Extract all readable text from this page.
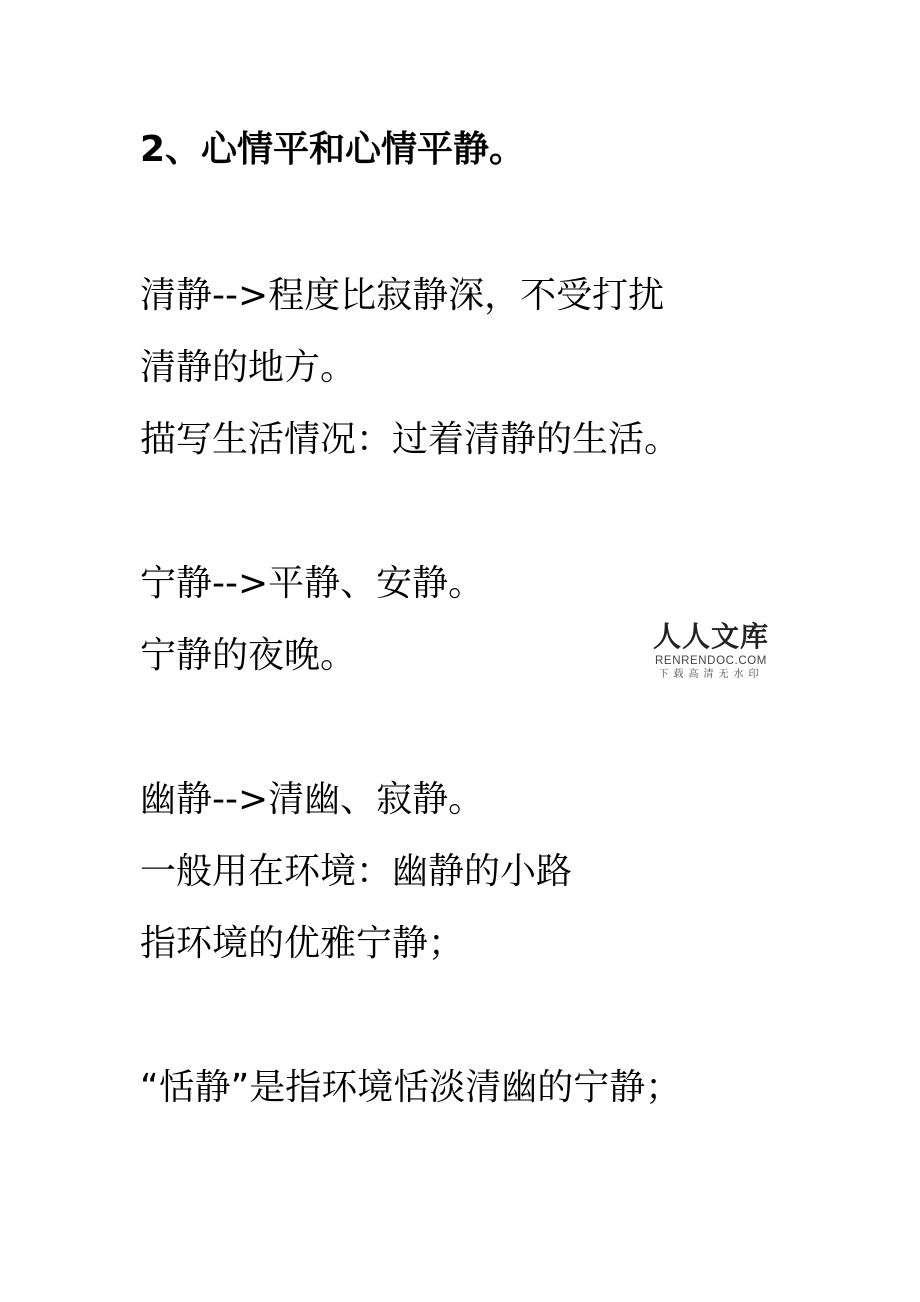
2、心情平和心情平静。
清静-->程度比寂静深，不受打扰
清静的地方。
描写生活情况：过着清静的生活。
宁静-->平静、安静。
宁静的夜晚。
幽静-->清幽、寂静。
一般用在环境：幽静的小路
指环境的优雅宁静；
“恬静”是指环境恬淡清幽的宁静；
人人文库
RENRENDOC.COM
下载高清无水印
